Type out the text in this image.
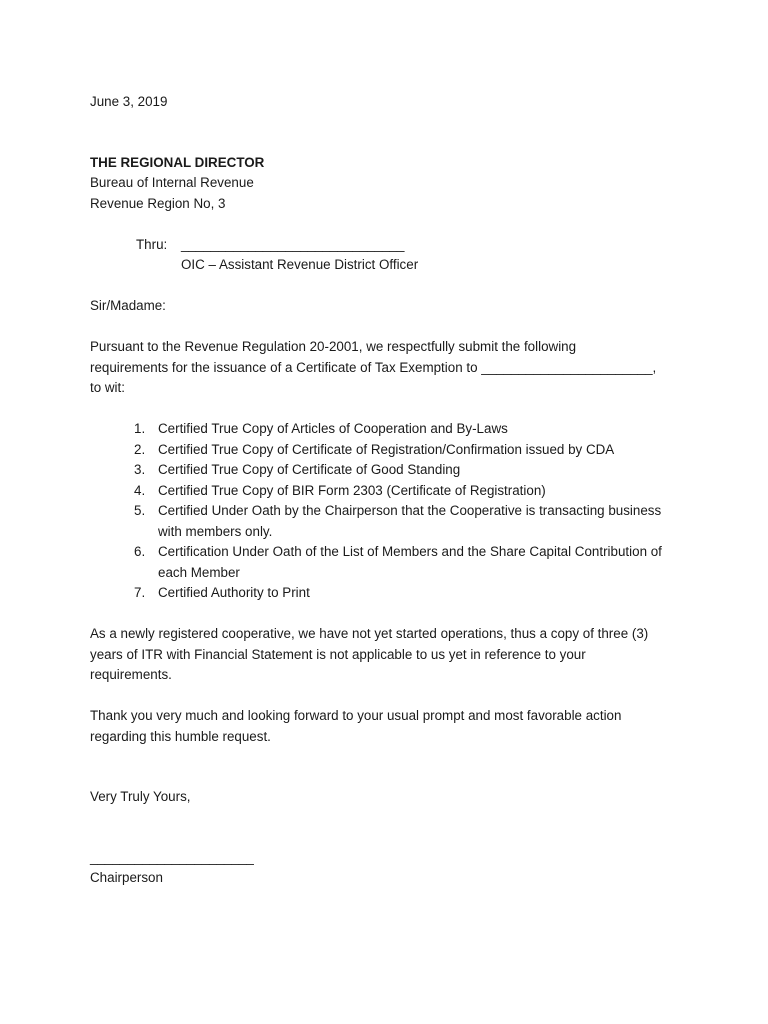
June 3, 2019
THE REGIONAL DIRECTOR
Bureau of Internal Revenue
Revenue Region No, 3
Thru: ______________________________
OIC – Assistant Revenue District Officer
Sir/Madame:
Pursuant to the Revenue Regulation 20-2001, we respectfully submit the following
requirements for the issuance of a Certificate of Tax Exemption to _______________________,
to wit:
1. Certified True Copy of Articles of Cooperation and By-Laws
2. Certified True Copy of Certificate of Registration/Confirmation issued by CDA
3. Certified True Copy of Certificate of Good Standing
4. Certified True Copy of BIR Form 2303 (Certificate of Registration)
5. Certified Under Oath by the Chairperson that the Cooperative is transacting business with members only.
6. Certification Under Oath of the List of Members and the Share Capital Contribution of each Member
7. Certified Authority to Print
As a newly registered cooperative, we have not yet started operations, thus a copy of three (3)
years of ITR with Financial Statement is not applicable to us yet in reference to your
requirements.
Thank you very much and looking forward to your usual prompt and most favorable action
regarding this humble request.
Very Truly Yours,
______________________
Chairperson
